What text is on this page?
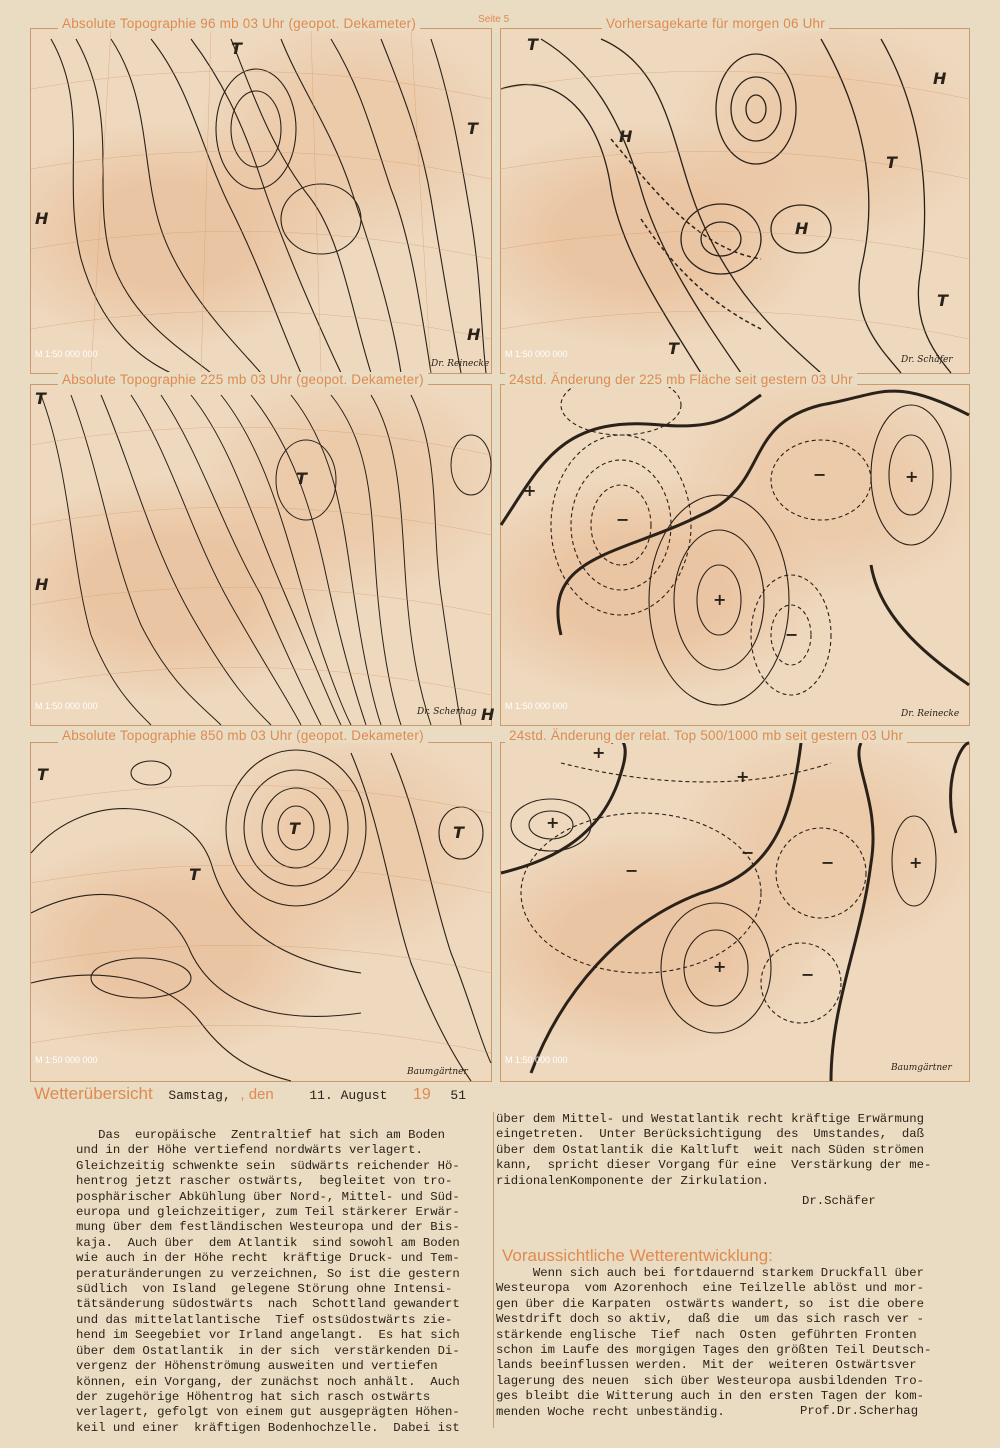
Seite 5
T
T
H
H
M 1:50 000 000
Dr. Reinecke
Absolute Topographie 96 mb 03 Uhr (geopot. Dekameter)
H
H
H
T
T
T
T
M 1:50 000 000
Dr. Schäfer
Vorhersagekarte für morgen 06 Uhr
T
T
H
H
M 1:50 000 000
Dr. Scherhag
Absolute Topographie 225 mb 03 Uhr (geopot. Dekameter)
+
−
+
−
−	+
M 1:50 000 000
Dr. Reinecke
24std. Änderung der 225 mb Fläche seit gestern 03 Uhr
T
T
T	T
M 1:50 000 000
Baumgärtner
Absolute Topographie 850 mb 03 Uhr (geopot. Dekameter)
+
+
+
+
+
−
−
−
−
M 1:50 000 000
Baumgärtner
24std. Änderung der relat. Top 500/1000 mb seit gestern 03 Uhr
Wetterübersicht Samstag, , den	11. August 19 51
Das  europäische  Zentraltief hat sich am Boden
und in der Höhe vertiefend nordwärts verlagert.
Gleichzeitig schwenkte sein  südwärts reichender Hö-
hentrog jetzt rascher ostwärts,  begleitet von tro-
posphärischer Abkühlung über Nord-, Mittel- und Süd-
europa und gleichzeitiger, zum Teil stärkerer Erwär-
mung über dem festländischen Westeuropa und der Bis-
kaja.  Auch über  dem Atlantik  sind sowohl am Boden
wie auch in der Höhe recht  kräftige Druck- und Tem-
peraturänderungen zu verzeichnen, So ist die gestern
südlich  von Island  gelegene Störung ohne Intensi-
tätsänderung südostwärts  nach  Schottland gewandert
und das mittelatlantische  Tief ostsüdostwärts zie-
hend im Seegebiet vor Irland angelangt.  Es hat sich
über dem Ostatlantik  in der sich  verstärkenden Di-
vergenz der Höhenströmung ausweiten und vertiefen
können, ein Vorgang, der zunächst noch anhält.  Auch
der zugehörige Höhentrog hat sich rasch ostwärts
verlagert, gefolgt von einem gut ausgeprägten Höhen-
keil und einer  kräftigen Bodenhochzelle.  Dabei ist
über dem Mittel- und Westatlantik recht kräftige Erwärmung
eingetreten.  Unter Berücksichtigung  des  Umstandes,  daß
über dem Ostatlantik die Kaltluft  weit nach Süden strömen
kann,  spricht dieser Vorgang für eine  Verstärkung der me-
ridionalenKomponente der Zirkulation.
Dr.Schäfer
Voraussichtliche Wetterentwicklung:
Wenn sich auch bei fortdauernd starkem Druckfall über
Westeuropa  vom Azorenhoch  eine Teilzelle ablöst und mor-
gen über die Karpaten  ostwärts wandert, so  ist die obere
Westdrift doch so aktiv,  daß die  um das sich rasch ver -
stärkende englische  Tief  nach  Osten  geführten Fronten
schon im Laufe des morgigen Tages den größten Teil Deutsch-
lands beeinflussen werden.  Mit der  weiteren Ostwärtsver
lagerung des neuen  sich über Westeuropa ausbildenden Tro-
ges bleibt die Witterung auch in den ersten Tagen der kom-
menden Woche recht unbeständig.	Prof.Dr.Scherhag
